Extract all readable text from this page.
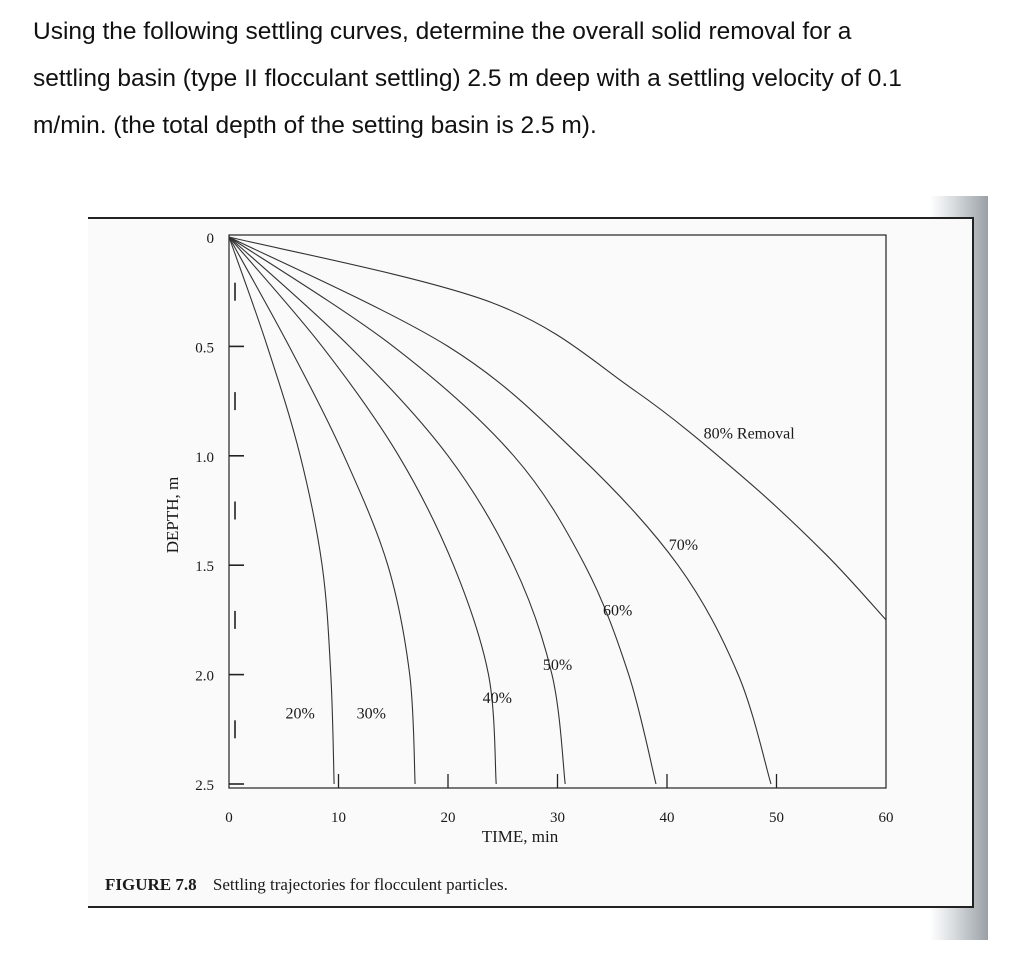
Using the following settling curves, determine the overall solid removal for a

settling basin (type II flocculant settling) 2.5 m deep with a settling velocity of 0.1

m/min. (the total depth of the setting basin is 2.5 m).

0
0.5
1.0
1.5
2.0
2.5
0	10	20	30	40	50	60
20%	30%
40%
50%
60%
70%
80% Removal
DEPTH, m
TIME, min
FIGURE 7.8 Settling trajectories for flocculent particles.
